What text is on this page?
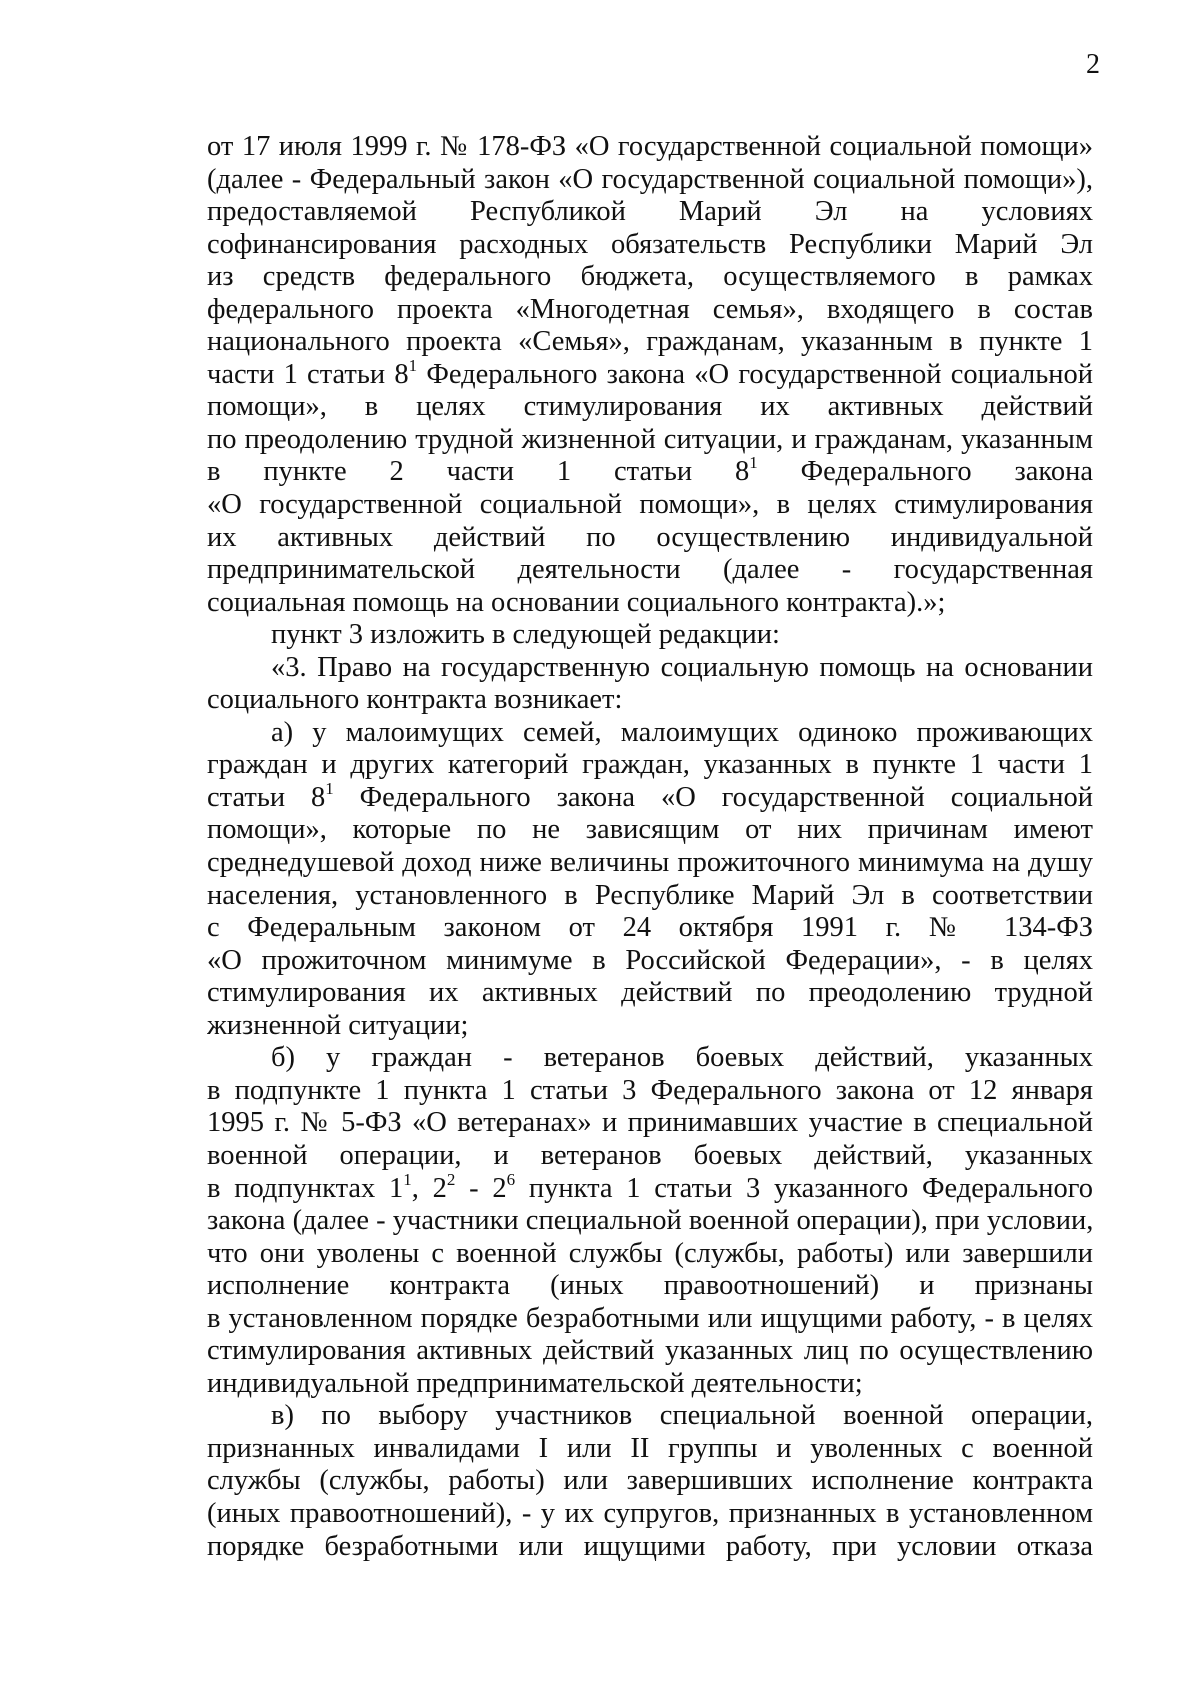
2
от 17 июля 1999 г. № 178-ФЗ «О государственной социальной помощи»
(далее - Федеральный закон «О государственной социальной помощи»),
предоставляемой Республикой Марий Эл на условиях
софинансирования расходных обязательств Республики Марий Эл
из средств федерального бюджета, осуществляемого в рамках
федерального проекта «Многодетная семья», входящего в состав
национального проекта «Семья», гражданам, указанным в пункте 1
части 1 статьи $8^1$ Федерального закона «О государственной социальной
помощи», в целях стимулирования их активных действий
по преодолению трудной жизненной ситуации, и гражданам, указанным
в пункте 2 части 1 статьи $8^1$ Федерального закона
«О государственной социальной помощи», в целях стимулирования
их активных действий по осуществлению индивидуальной
предпринимательской деятельности (далее - государственная
социальная помощь на основании социального контракта).»;
пункт 3 изложить в следующей редакции:
«3. Право на государственную социальную помощь на основании
социального контракта возникает:
а) у малоимущих семей, малоимущих одиноко проживающих
граждан и других категорий граждан, указанных в пункте 1 части 1
статьи $8^1$ Федерального закона «О государственной социальной
помощи», которые по не зависящим от них причинам имеют
среднедушевой доход ниже величины прожиточного минимума на душу
населения, установленного в Республике Марий Эл в соответствии
с Федеральным законом от 24 октября 1991 г. № 134-ФЗ
«О прожиточном минимуме в Российской Федерации», - в целях
стимулирования их активных действий по преодолению трудной
жизненной ситуации;
б) у граждан - ветеранов боевых действий, указанных
в подпункте 1 пункта 1 статьи 3 Федерального закона от 12 января
1995 г. № 5-ФЗ «О ветеранах» и принимавших участие в специальной
военной операции, и ветеранов боевых действий, указанных
в подпунктах $1^1$, $2^2 - 2^6$ пункта 1 статьи 3 указанного Федерального
закона (далее - участники специальной военной операции), при условии,
что они уволены с военной службы (службы, работы) или завершили
исполнение контракта (иных правоотношений) и признаны
в установленном порядке безработными или ищущими работу, - в целях
стимулирования активных действий указанных лиц по осуществлению
индивидуальной предпринимательской деятельности;
в) по выбору участников специальной военной операции,
признанных инвалидами I или II группы и уволенных с военной
службы (службы, работы) или завершивших исполнение контракта
(иных правоотношений), - у их супругов, признанных в установленном
порядке безработными или ищущими работу, при условии отказа
